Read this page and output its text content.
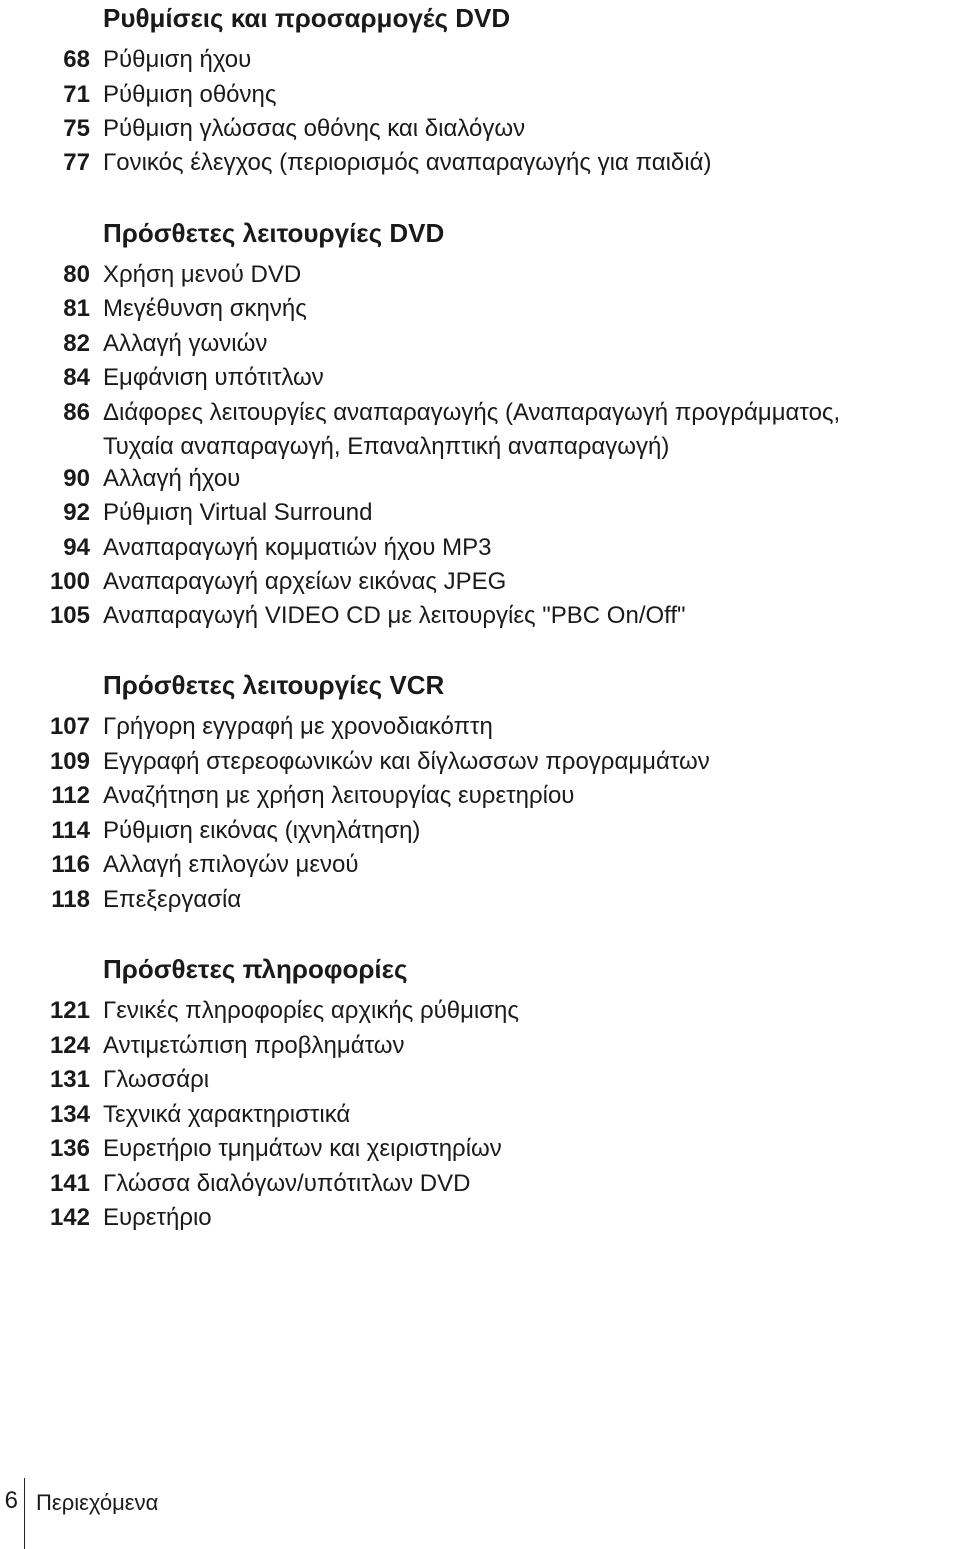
Ρυθμίσεις και προσαρμογές DVD
68 Ρύθμιση ήχου
71 Ρύθμιση οθόνης
75 Ρύθμιση γλώσσας οθόνης και διαλόγων
77 Γονικός έλεγχος (περιορισμός αναπαραγωγής για παιδιά)
Πρόσθετες λειτουργίες DVD
80 Χρήση μενού DVD
81 Μεγέθυνση σκηνής
82 Αλλαγή γωνιών
84 Εμφάνιση υπότιτλων
86 Διάφορες λειτουργίες αναπαραγωγής (Αναπαραγωγή προγράμματος,
Τυχαία αναπαραγωγή, Επαναληπτική αναπαραγωγή)
90 Αλλαγή ήχου
92 Ρύθμιση Virtual Surround
94 Αναπαραγωγή κομματιών ήχου MP3
100 Αναπαραγωγή αρχείων εικόνας JPEG
105 Αναπαραγωγή VIDEO CD με λειτουργίες "PBC On/Off"
Πρόσθετες λειτουργίες VCR
107 Γρήγορη εγγραφή με χρονοδιακόπτη
109 Εγγραφή στερεοφωνικών και δίγλωσσων προγραμμάτων
112 Αναζήτηση με χρήση λειτουργίας ευρετηρίου
114 Ρύθμιση εικόνας (ιχνηλάτηση)
116 Αλλαγή επιλογών μενού
118 Επεξεργασία
Πρόσθετες πληροφορίες
121 Γενικές πληροφορίες αρχικής ρύθμισης
124 Αντιμετώπιση προβλημάτων
131 Γλωσσάρι
134 Τεχνικά χαρακτηριστικά
136 Ευρετήριο τμημάτων και χειριστηρίων
141 Γλώσσα διαλόγων/υπότιτλων DVD
142 Ευρετήριο
6 Περιεχόμενα
